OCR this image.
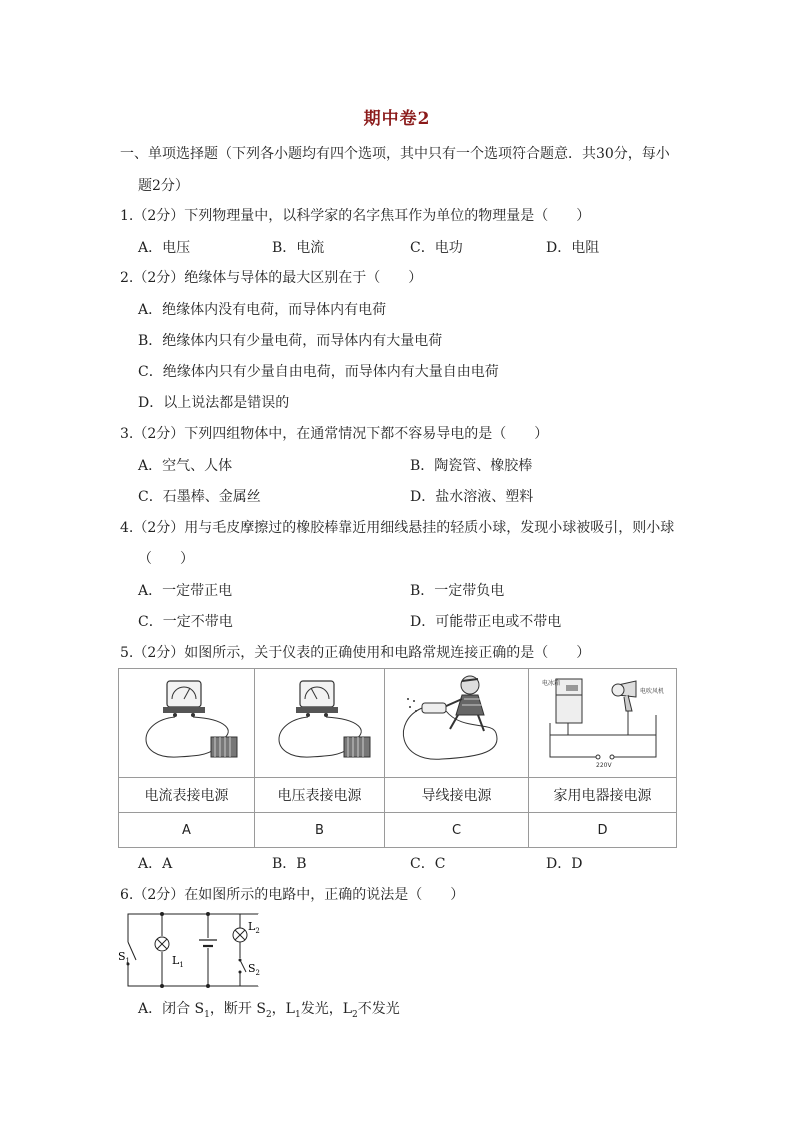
期中卷2
一、单项选择题（下列各小题均有四个选项，其中只有一个选项符合题意．共30分，每小
题2分）
1.（2分）下列物理量中，以科学家的名字焦耳作为单位的物理量是（　　）
A．电压	B．电流	C．电功	D．电阻
2.（2分）绝缘体与导体的最大区别在于（　　）
A．绝缘体内没有电荷，而导体内有电荷
B．绝缘体内只有少量电荷，而导体内有大量电荷
C．绝缘体内只有少量自由电荷，而导体内有大量自由电荷
D．以上说法都是错误的
3.（2分）下列四组物体中，在通常情况下都不容易导电的是（　　）
A．空气、人体	B．陶瓷管、橡胶棒
C．石墨棒、金属丝	D．盐水溶液、塑料
4.（2分）用与毛皮摩擦过的橡胶棒靠近用细线悬挂的轻质小球，发现小球被吸引，则小球
（　　）
A．一定带正电	B．一定带负电
C．一定不带电	D．可能带正电或不带电
5.（2分）如图所示，关于仪表的正确使用和电路常规连接正确的是（　　）

电冰箱
电吹风机
220V

电流表接电源	电压表接电源	导线接电源	家用电器接电源
A	B	C	D
A．A	B．B	C．C	D．D
6.（2分）在如图所示的电路中，正确的说法是（　　）
$S_1$	$L_1$
$L_2$
$S_2$
A．闭合 $S_1$，断开 $S_2$，$L_1$发光，$L_2$不发光
